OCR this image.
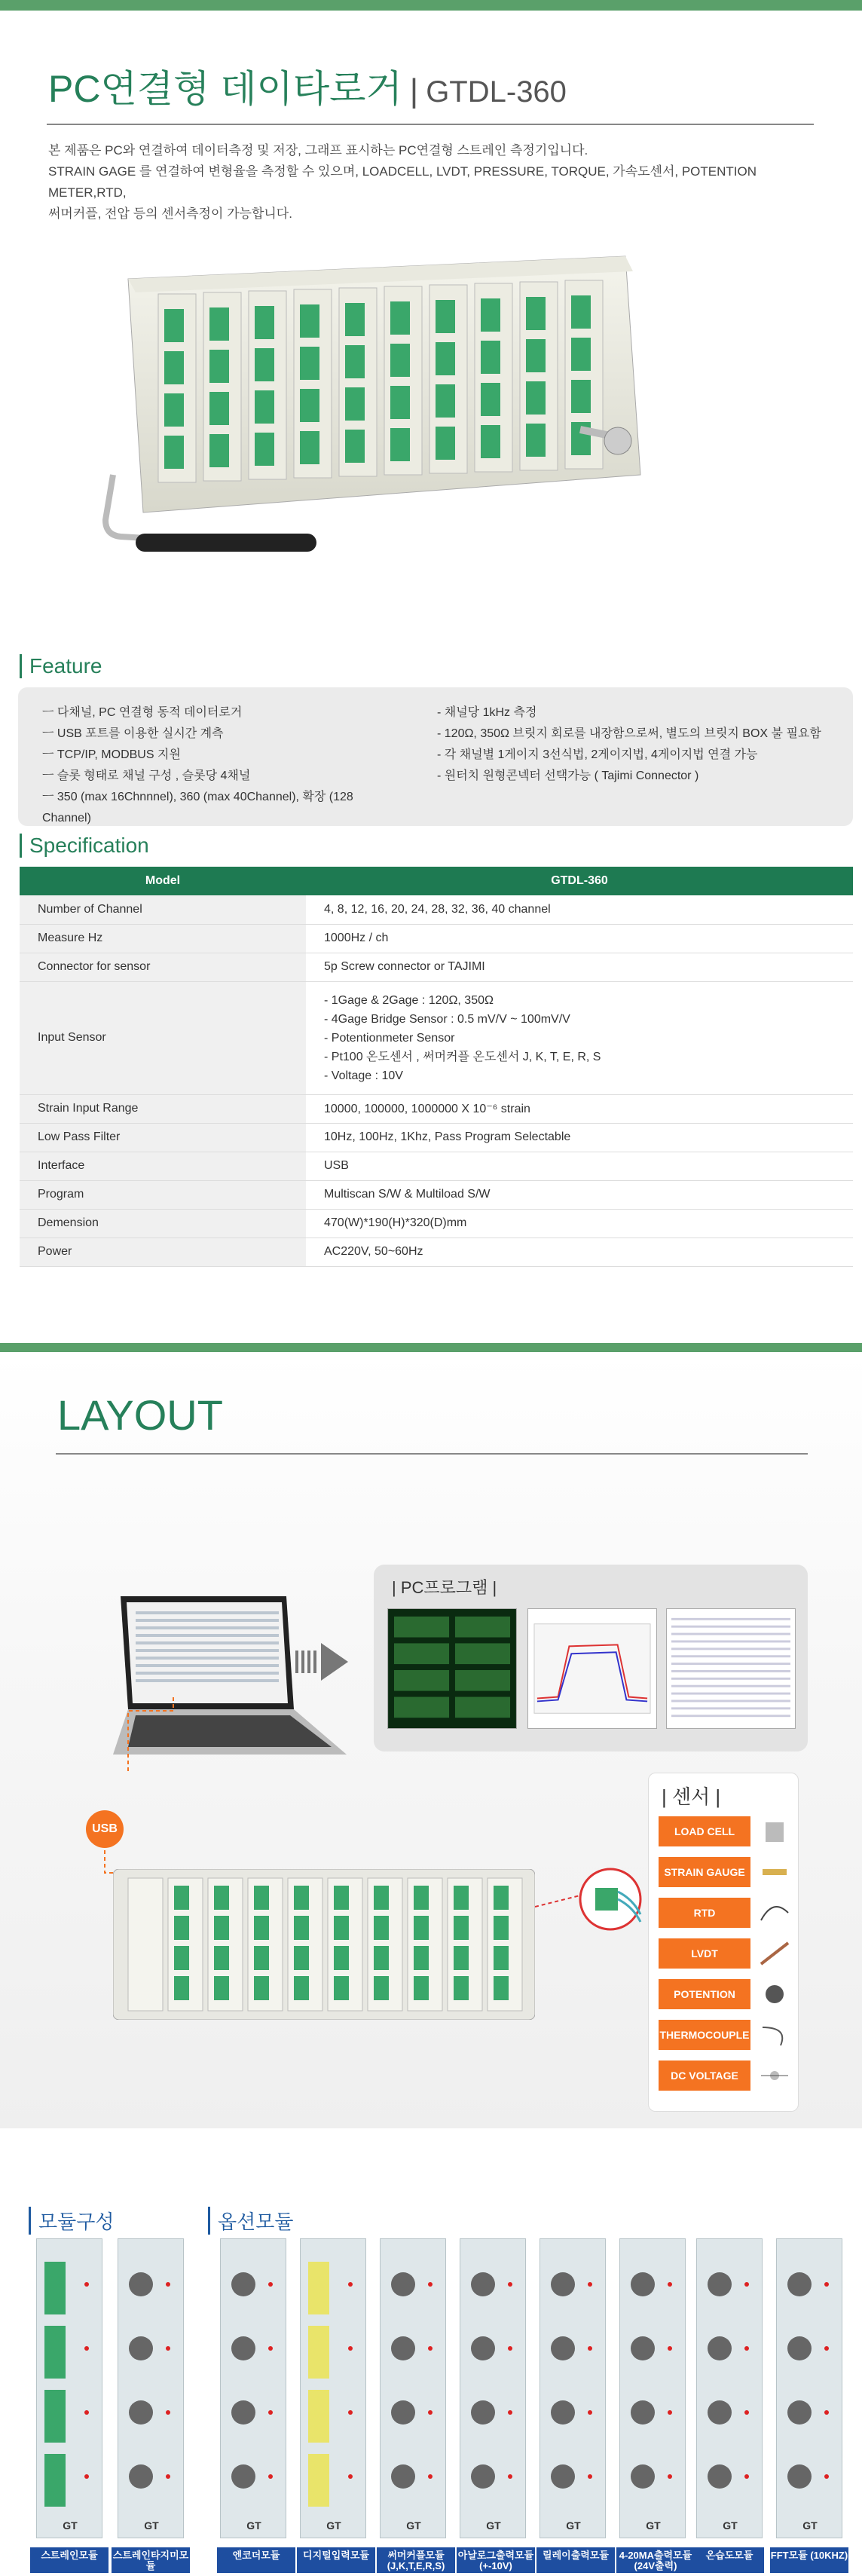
PC연결형 데이타로거 | GTDL-360
본 제품은 PC와 연결하여 데이터측정 및 저장, 그래프 표시하는 PC연결형 스트레인 측정기입니다.
STRAIN GAGE 를 연결하여 변형율을 측정할 수 있으며, LOADCELL, LVDT, PRESSURE, TORQUE, 가속도센서, POTENTION METER,RTD,
써머커플, 전압 등의 센서측정이 가능합니다.
Feature
ㅡ 다채널, PC 연결형 동적 데이터로거
ㅡ USB 포트를 이용한 실시간 계측
ㅡ TCP/IP, MODBUS 지원
ㅡ 슬롯 형태로 채널 구성 , 슬롯당 4채널
ㅡ 350 (max 16Chnnnel), 360 (max 40Channel), 확장 (128
Channel)
- 채널당 1kHz 측정
- 120Ω, 350Ω 브릿지 회로를 내장함으로써, 별도의 브릿지 BOX 불 필요함
- 각 채널별 1게이지 3선식법, 2게이지법, 4게이지법 연결 가능
- 원터치 원형콘넥터 선택가능 ( Tajimi Connector )
Specification
Model	GTDL-360
Number of Channel	4, 8, 12, 16, 20, 24, 28, 32, 36, 40 channel
Measure Hz	1000Hz / ch
Connector for sensor	5p Screw connector or TAJIMI
Input Sensor	- 1Gage & 2Gage : 120Ω, 350Ω
- 4Gage Bridge Sensor : 0.5 mV/V ~ 100mV/V
- Potentionmeter Sensor
- Pt100 온도센서 , 써머커플 온도센서 J, K, T, E, R, S
- Voltage : 10V

Strain Input Range	10000, 100000, 1000000 X 10⁻⁶ strain
Low Pass Filter	10Hz, 100Hz, 1Khz, Pass Program Selectable
Interface	USB
Program	Multiscan S/W & Multiload S/W
Demension	470(W)*190(H)*320(D)mm
Power	AC220V, 50~60Hz
LAYOUT
| PC프로그램 |
USB
| 센서 |
LOAD CELL
STRAIN GAUGE
RTD
LVDT
POTENTION
THERMOCOUPLE
DC VOLTAGE
모듈구성	옵션모듈
GT	GT	GT	GT	GT	GT	GT	GT	GT	GT
스트레인모듈	스트레인타지미모듈
엔코더모듈	디지털입력모듈	써머커플모듈 (J,K,T,E,R,S)
아날로그출력모듈 (+-10V)
릴레이출력모듈	4-20MA출력모듈 (24V출력)
온습도모듈	FFT모듈 (10KHZ)
